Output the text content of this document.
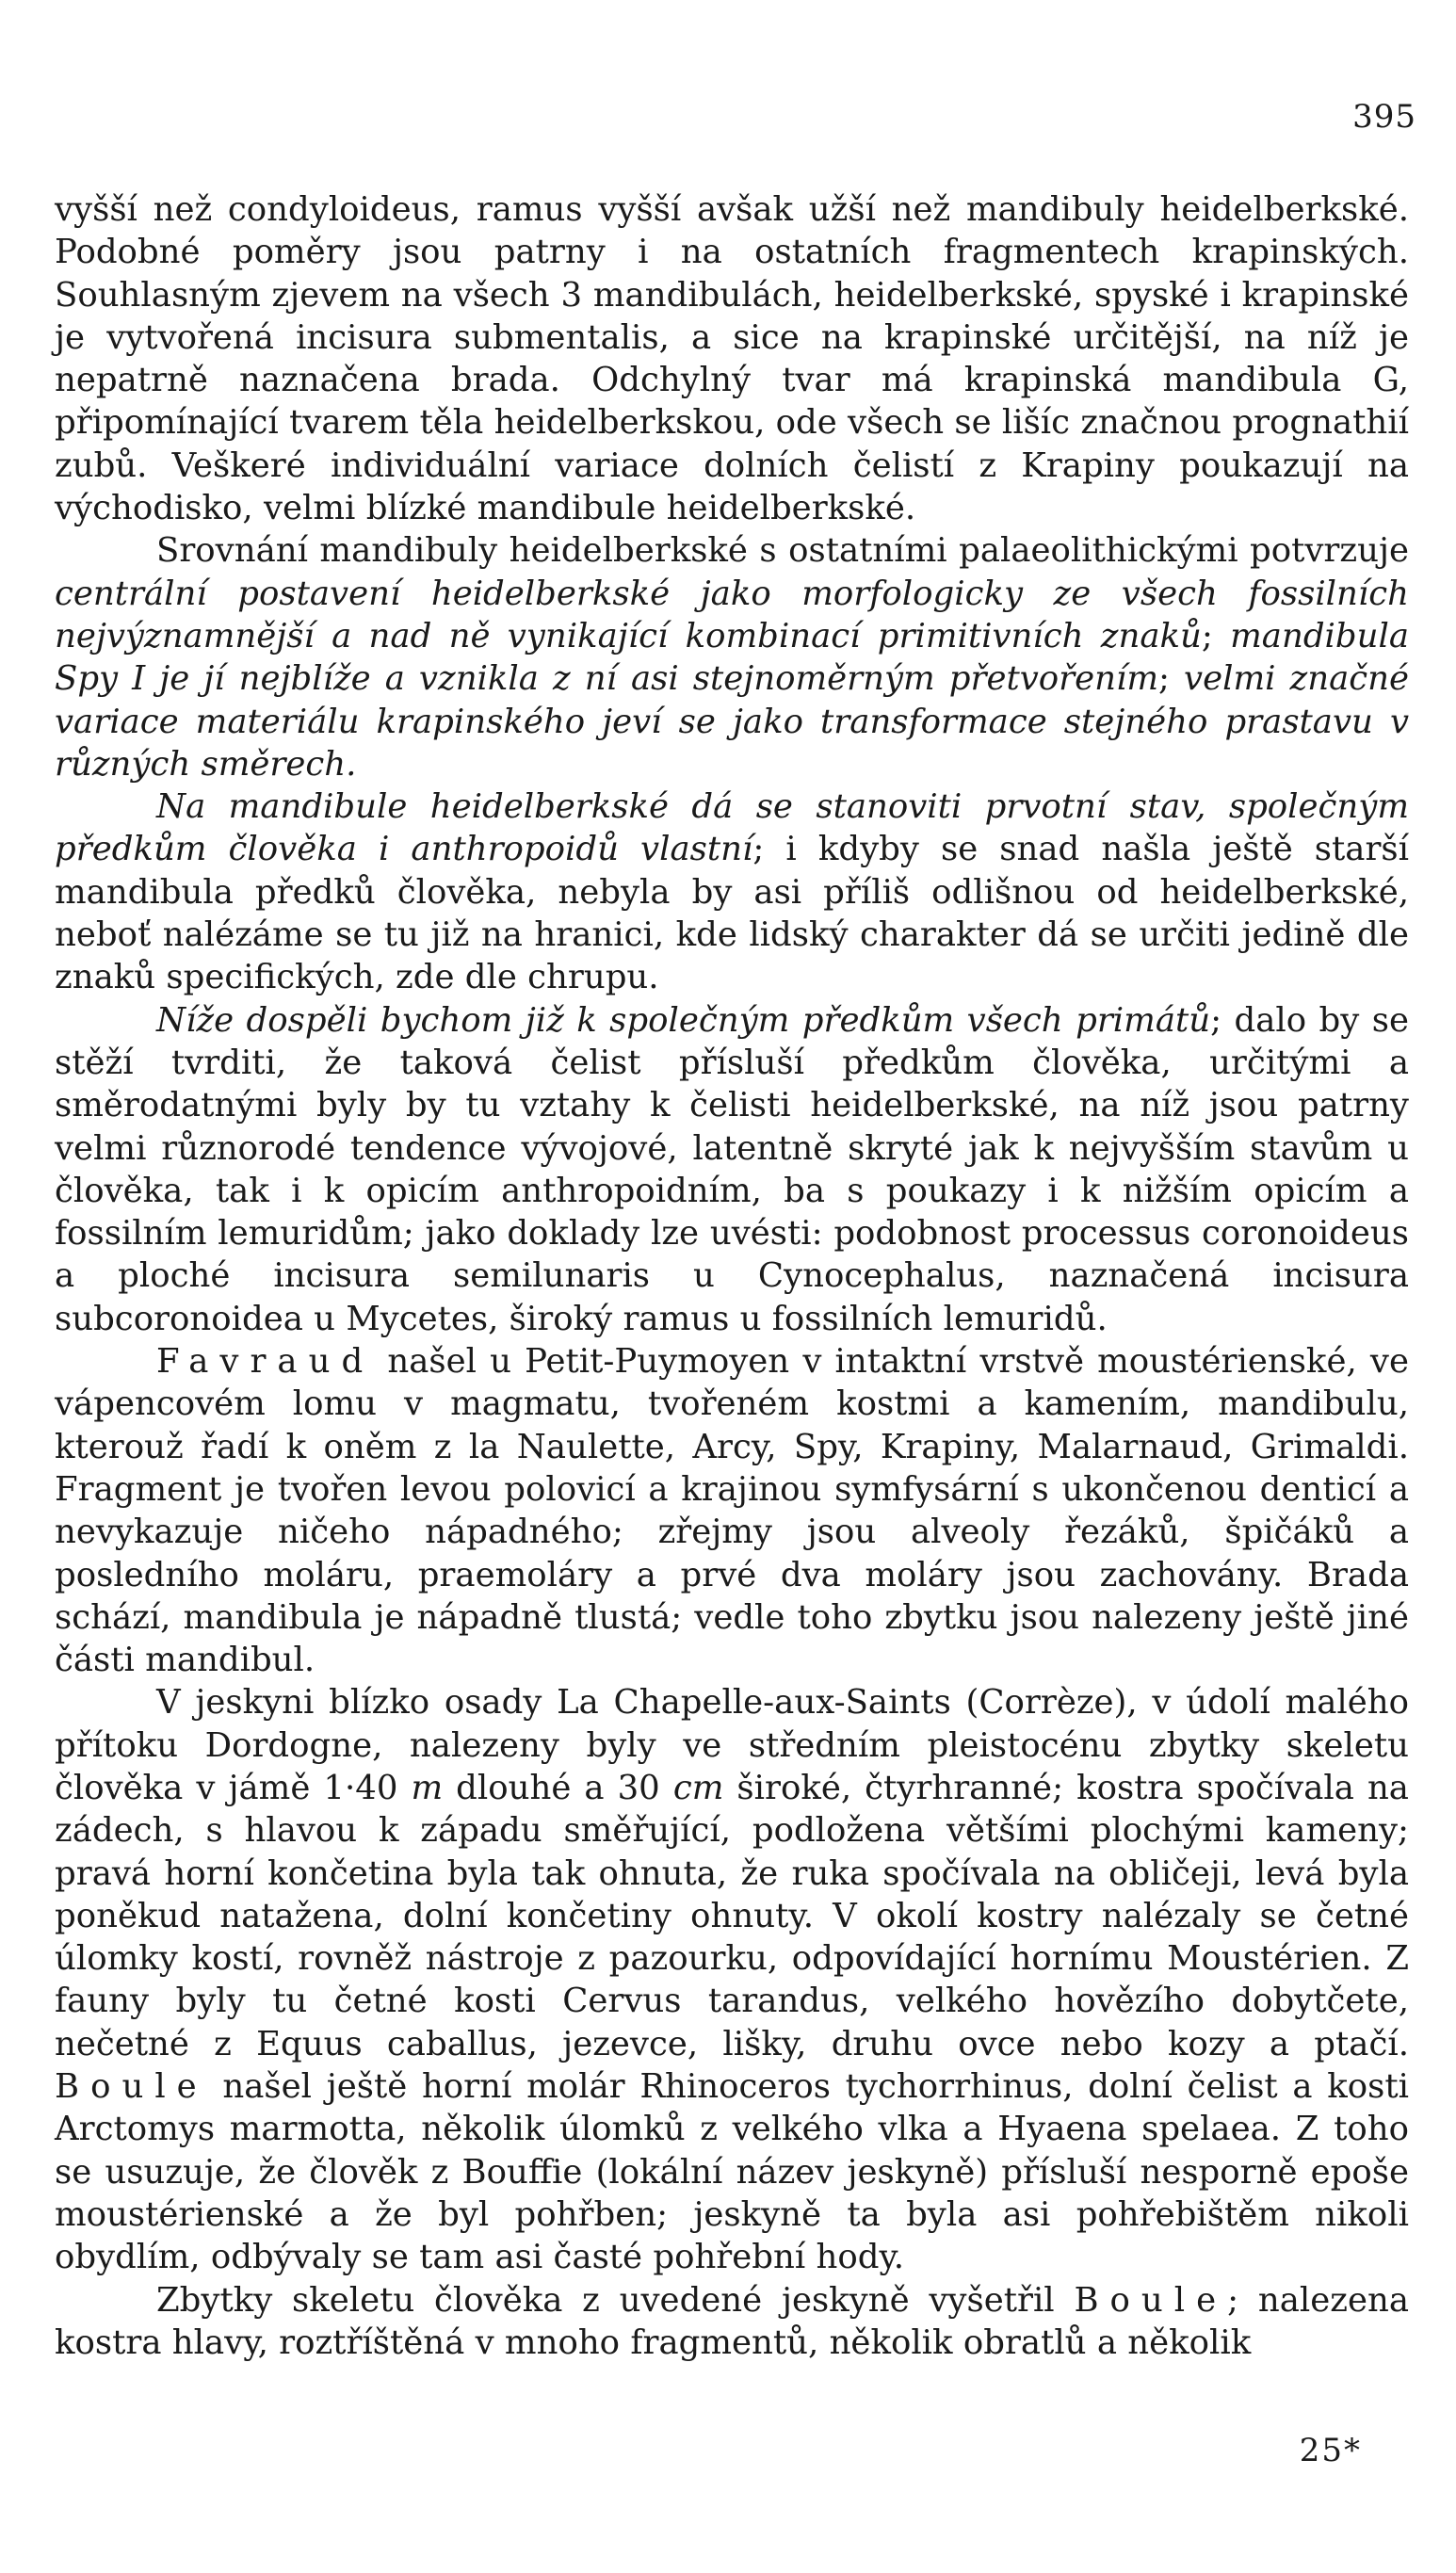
395

vyšší než condyloideus, ramus vyšší avšak užší než mandibuly heidelberkské. Podobné poměry jsou patrny i na ostatních fragmentech krapinských. Souhlasným zjevem na všech 3 mandibulách, heidelberkské, spyské i krapinské je vytvořená incisura submentalis, a sice na krapinské určitější, na níž je nepatrně naznačena brada. Odchylný tvar má krapinská mandibula G, připomínající tvarem těla heidelberkskou, ode všech se lišíc značnou prognathií zubů. Veškeré individuální variace dolních čelistí z Krapiny poukazují na východisko, velmi blízké mandibule heidelberkské.

Srovnání mandibuly heidelberkské s ostatními palaeolithickými potvrzuje centrální postavení heidelberkské jako morfologicky ze všech fossilních nejvýznamnější a nad ně vynikající kombinací primitivních znaků; mandibula Spy I je jí nejblíže a vznikla z ní asi stejnoměrným přetvořením; velmi značné variace materiálu krapinského jeví se jako transformace stejného prastavu v různých směrech.

Na mandibule heidelberkské dá se stanoviti prvotní stav, společným předkům člověka i anthropoidů vlastní; i kdyby se snad našla ještě starší mandibula předků člověka, nebyla by asi příliš odlišnou od heidelberkské, neboť nalézáme se tu již na hranici, kde lidský charakter dá se určiti jedině dle znaků specifických, zde dle chrupu.

Níže dospěli bychom již k společným předkům všech primátů; dalo by se stěží tvrditi, že taková čelist přísluší předkům člověka, určitými a směrodatnými byly by tu vztahy k čelisti heidelberkské, na níž jsou patrny velmi různorodé tendence vývojové, latentně skryté jak k nejvyšším stavům u člověka, tak i k opicím anthropoidním, ba s poukazy i k nižším opicím a fossilním lemuridům; jako doklady lze uvésti: podobnost processus coronoideus a ploché incisura semilunaris u Cynocephalus, naznačená incisura subcoronoidea u Mycetes, široký ramus u fossilních lemuridů.

Favraud našel u Petit-Puymoyen v intaktní vrstvě moustérienské, ve vápencovém lomu v magmatu, tvořeném kostmi a kamením, mandibulu, kterouž řadí k oněm z la Naulette, Arcy, Spy, Krapiny, Malarnaud, Grimaldi. Fragment je tvořen levou polovicí a krajinou symfysární s ukončenou denticí a nevykazuje ničeho nápadného; zřejmy jsou alveoly řezáků, špičáků a posledního moláru, praemoláry a prvé dva moláry jsou zachovány. Brada schází, mandibula je nápadně tlustá; vedle toho zbytku jsou nalezeny ještě jiné části mandibul.

V jeskyni blízko osady La Chapelle-aux-Saints (Corrèze), v údolí malého přítoku Dordogne, nalezeny byly ve středním pleistocénu zbytky skeletu člověka v jámě 1·40 m dlouhé a 30 cm široké, čtyrhranné; kostra spočívala na zádech, s hlavou k západu směřující, podložena většími plochými kameny; pravá horní končetina byla tak ohnuta, že ruka spočívala na obličeji, levá byla poněkud natažena, dolní končetiny ohnuty. V okolí kostry nalézaly se četné úlomky kostí, rovněž nástroje z pazourku, odpovídající hornímu Moustérien. Z fauny byly tu četné kosti Cervus tarandus, velkého hovězího dobytčete, nečetné z Equus caballus, jezevce, lišky, druhu ovce nebo kozy a ptačí. Boule našel ještě horní molár Rhinoceros tychorrhinus, dolní čelist a kosti Arctomys marmotta, několik úlomků z velkého vlka a Hyaena spelaea. Z toho se usuzuje, že člověk z Bouffie (lokální název jeskyně) přísluší nesporně epoše moustérienské a že byl pohřben; jeskyně ta byla asi pohřebištěm nikoli obydlím, odbývaly se tam asi časté pohřební hody.

Zbytky skeletu člověka z uvedené jeskyně vyšetřil Boule; nalezena kostra hlavy, roztříštěná v mnoho fragmentů, několik obratlů a několik

25*
